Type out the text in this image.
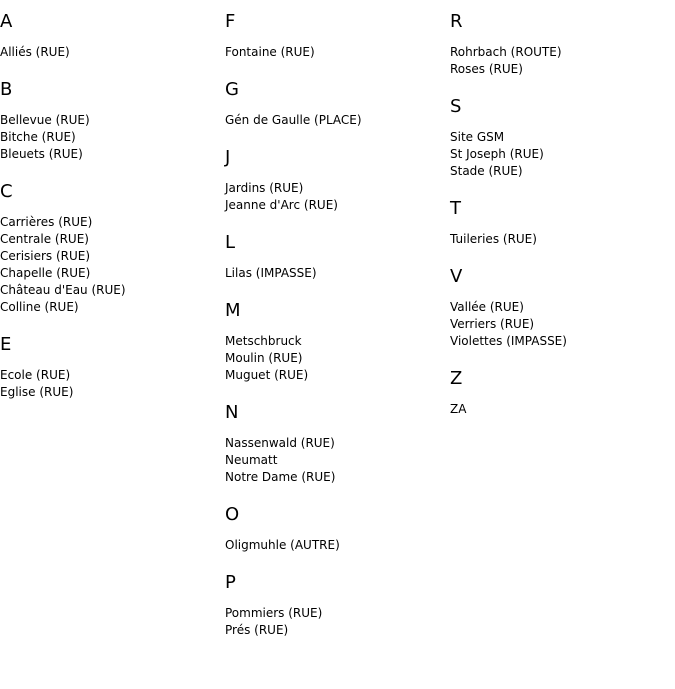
A
Alliés (RUE)
B
Bellevue (RUE)
Bitche (RUE)
Bleuets (RUE)
C
Carrières (RUE)
Centrale (RUE)
Cerisiers (RUE)
Chapelle (RUE)
Château d'Eau (RUE)
Colline (RUE)
E
Ecole (RUE)
Eglise (RUE)
F
Fontaine (RUE)
G
Gén de Gaulle (PLACE)
J
Jardins (RUE)
Jeanne d'Arc (RUE)
L
Lilas (IMPASSE)
M
Metschbruck
Moulin (RUE)
Muguet (RUE)
N
Nassenwald (RUE)
Neumatt
Notre Dame (RUE)
O
Oligmuhle (AUTRE)
P
Pommiers (RUE)
Prés (RUE)
R
Rohrbach (ROUTE)
Roses (RUE)
S
Site GSM
St Joseph (RUE)
Stade (RUE)
T
Tuileries (RUE)
V
Vallée (RUE)
Verriers (RUE)
Violettes (IMPASSE)
Z
ZA
